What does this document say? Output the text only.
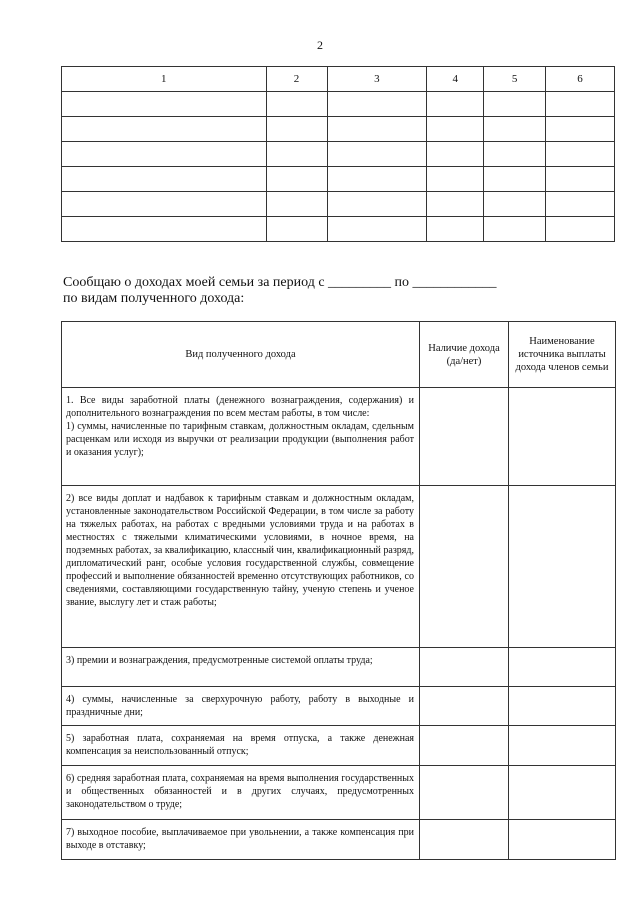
2
1	2	3	4	5	6

Сообщаю о доходах моей семьи за период с _________ по ____________
по видам полученного дохода:
Вид полученного дохода	Наличие дохода (да/нет)	Наименование источника выплаты дохода членов семьи

1. Все виды заработной платы (денежного вознаграждения, содержания) и дополнительного вознаграждения по всем местам работы, в том числе:
1) суммы, начисленные по тарифным ставкам, должностным окладам, сдельным расценкам или исходя из выручки от реализации продукции (выполнения работ и оказания услуг);		

2) все виды доплат и надбавок к тарифным ставкам и должностным окладам, установленные законодательством Российской Федерации, в том числе за работу на тяжелых работах, на работах с вредными условиями труда и на работах в местностях с тяжелыми климатическими условиями, в ночное время, на подземных работах, за квалификацию, классный чин, квалификационный разряд, дипломатический ранг, особые условия государственной службы, совмещение профессий и выполнение обязанностей временно отсутствующих работников, со сведениями, составляющими государственную тайну, ученую степень и ученое звание, выслугу лет и стаж работы;		
3) премии и вознаграждения, предусмотренные системой оплаты труда;		
4) суммы, начисленные за сверхурочную работу, работу в выходные и праздничные дни;		
5) заработная плата, сохраняемая на время отпуска, а также денежная компенсация за неиспользованный отпуск;		
6) средняя заработная плата, сохраняемая на время выполнения государственных и общественных обязанностей и в других случаях, предусмотренных законодательством о труде;		
7) выходное пособие, выплачиваемое при увольнении, а также компенсация при выходе в отставку;		
